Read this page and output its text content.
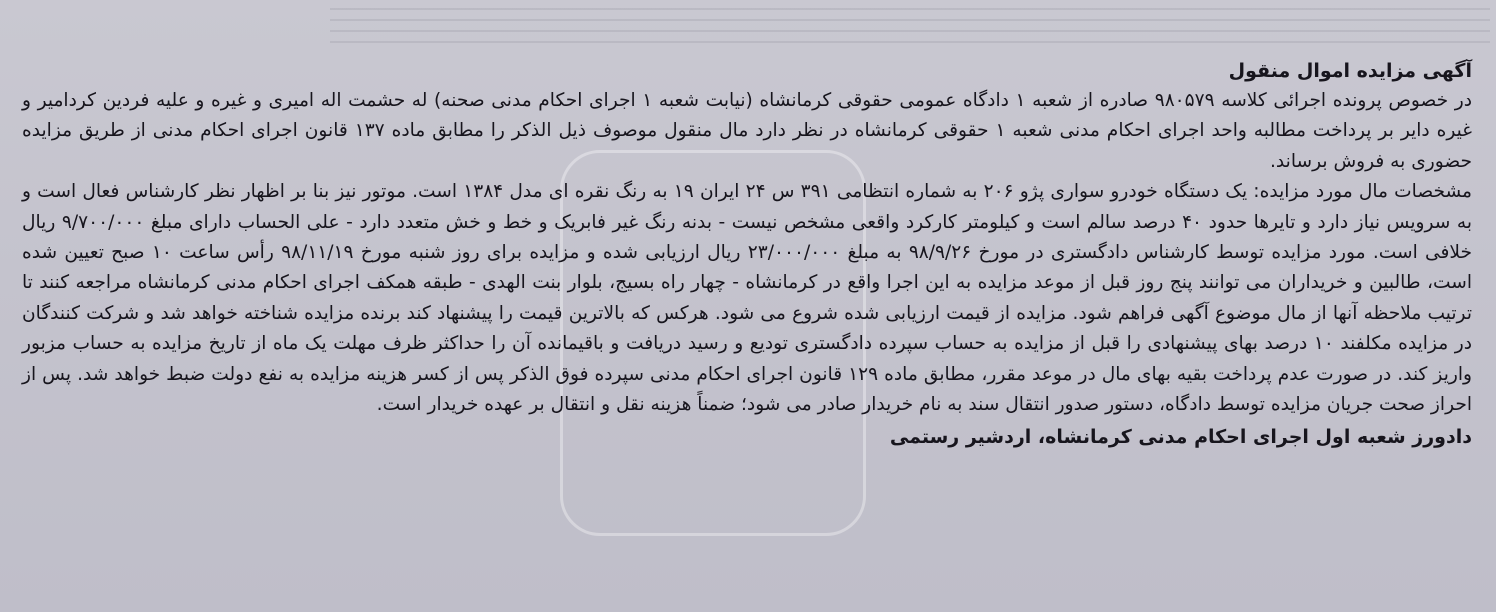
آگهی مزایده اموال منقول
در خصوص پرونده اجرائی کلاسه ۹۸۰۵۷۹ صادره از شعبه ۱ دادگاه عمومی حقوقی کرمانشاه (نیابت شعبه ۱ اجرای احکام مدنی صحنه) له حشمت اله امیری و غیره و علیه فردین کردامیر و غیره دایر بر پرداخت مطالبه واحد اجرای احکام مدنی شعبه ۱ حقوقی کرمانشاه در نظر دارد مال منقول موصوف ذیل الذکر را مطابق ماده ۱۳۷ قانون اجرای احکام مدنی از طریق مزایده حضوری به فروش برساند.
مشخصات مال مورد مزایده: یک دستگاه خودرو سواری پژو ۲۰۶ به شماره انتظامی ۳۹۱ س ۲۴ ایران ۱۹ به رنگ نقره ای مدل ۱۳۸۴ است. موتور نیز بنا بر اظهار نظر کارشناس فعال است و به سرویس نیاز دارد و تایرها حدود ۴۰ درصد سالم است و کیلومتر کارکرد واقعی مشخص نیست - بدنه رنگ غیر فابریک و خط و خش متعدد دارد - علی الحساب دارای مبلغ ۹/۷۰۰/۰۰۰ ریال خلافی است. مورد مزایده توسط کارشناس دادگستری در مورخ ۹۸/۹/۲۶ به مبلغ ۲۳/۰۰۰/۰۰۰ ریال ارزیابی شده و مزایده برای روز شنبه مورخ ۹۸/۱۱/۱۹ رأس ساعت ۱۰ صبح تعیین شده است، طالبین و خریداران می توانند پنج روز قبل از موعد مزایده به این اجرا واقع در کرمانشاه - چهار راه بسیج، بلوار بنت الهدی - طبقه همکف اجرای احکام مدنی کرمانشاه مراجعه کنند تا ترتیب ملاحظه آنها از مال موضوع آگهی فراهم شود. مزایده از قیمت ارزیابی شده شروع می شود. هرکس که بالاترین قیمت را پیشنهاد کند برنده مزایده شناخته خواهد شد و شرکت کنندگان در مزایده مکلفند ۱۰ درصد بهای پیشنهادی را قبل از مزایده به حساب سپرده دادگستری تودیع و رسید دریافت و باقیمانده آن را حداکثر ظرف مهلت یک ماه از تاریخ مزایده به حساب مزبور واریز کند. در صورت عدم پرداخت بقیه بهای مال در موعد مقرر، مطابق ماده ۱۲۹ قانون اجرای احکام مدنی سپرده فوق الذکر پس از کسر هزینه مزایده به نفع دولت ضبط خواهد شد. پس از احراز صحت جریان مزایده توسط دادگاه، دستور صدور انتقال سند به نام خریدار صادر می شود؛ ضمناً هزینه نقل و انتقال بر عهده خریدار است.
دادورز شعبه اول اجرای احکام مدنی کرمانشاه، اردشیر رستمی
